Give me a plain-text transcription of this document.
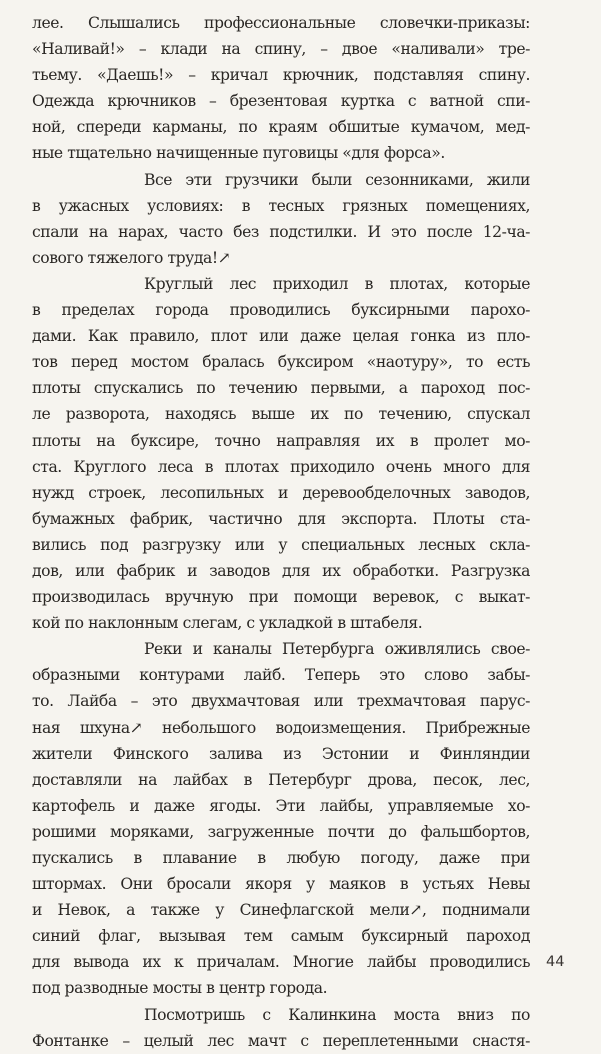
лее. Слышались профессиональные словечки-приказы:
«Наливай!» – клади на спину, – двое «наливали» тре-
тьему. «Даешь!» – кричал крючник, подставляя спину.
Одежда крючников – брезентовая куртка с ватной спи-
ной, спереди карманы, по краям обшитые кумачом, мед-
ные тщательно начищенные пуговицы «для форса».
Все эти грузчики были сезонниками, жили
в ужасных условиях: в тесных грязных помещениях,
спали на нарах, часто без подстилки. И это после 12-ча-
сового тяжелого труда!↗
Круглый лес приходил в плотах, которые
в пределах города проводились буксирными парохо-
дами. Как правило, плот или даже целая гонка из пло-
тов перед мостом бралась буксиром «наотуру», то есть
плоты спускались по течению первыми, а пароход пос-
ле разворота, находясь выше их по течению, спускал
плоты на буксире, точно направляя их в пролет мо-
ста. Круглого леса в плотах приходило очень много для
нужд строек, лесопильных и деревообделочных заводов,
бумажных фабрик, частично для экспорта. Плоты ста-
вились под разгрузку или у специальных лесных скла-
дов, или фабрик и заводов для их обработки. Разгрузка
производилась вручную при помощи веревок, с выкат-
кой по наклонным слегам, с укладкой в штабеля.
Реки и каналы Петербурга оживлялись свое-
образными контурами лайб. Теперь это слово забы-
то. Лайба – это двухмачтовая или трехмачтовая парус-
ная шхуна↗ небольшого водоизмещения. Прибрежные
жители Финского залива из Эстонии и Финляндии
доставляли на лайбах в Петербург дрова, песок, лес,
картофель и даже ягоды. Эти лайбы, управляемые хо-
рошими моряками, загруженные почти до фальшбортов,
пускались в плавание в любую погоду, даже при
штормах. Они бросали якоря у маяков в устьях Невы
и Невок, а также у Синефлагской мели↗, поднимали
синий флаг, вызывая тем самым буксирный пароход
для вывода их к причалам. Многие лайбы проводились
под разводные мосты в центр города.
Посмотришь с Калинкина моста вниз по
Фонтанке – целый лес мачт с переплетенными снастя-
44
